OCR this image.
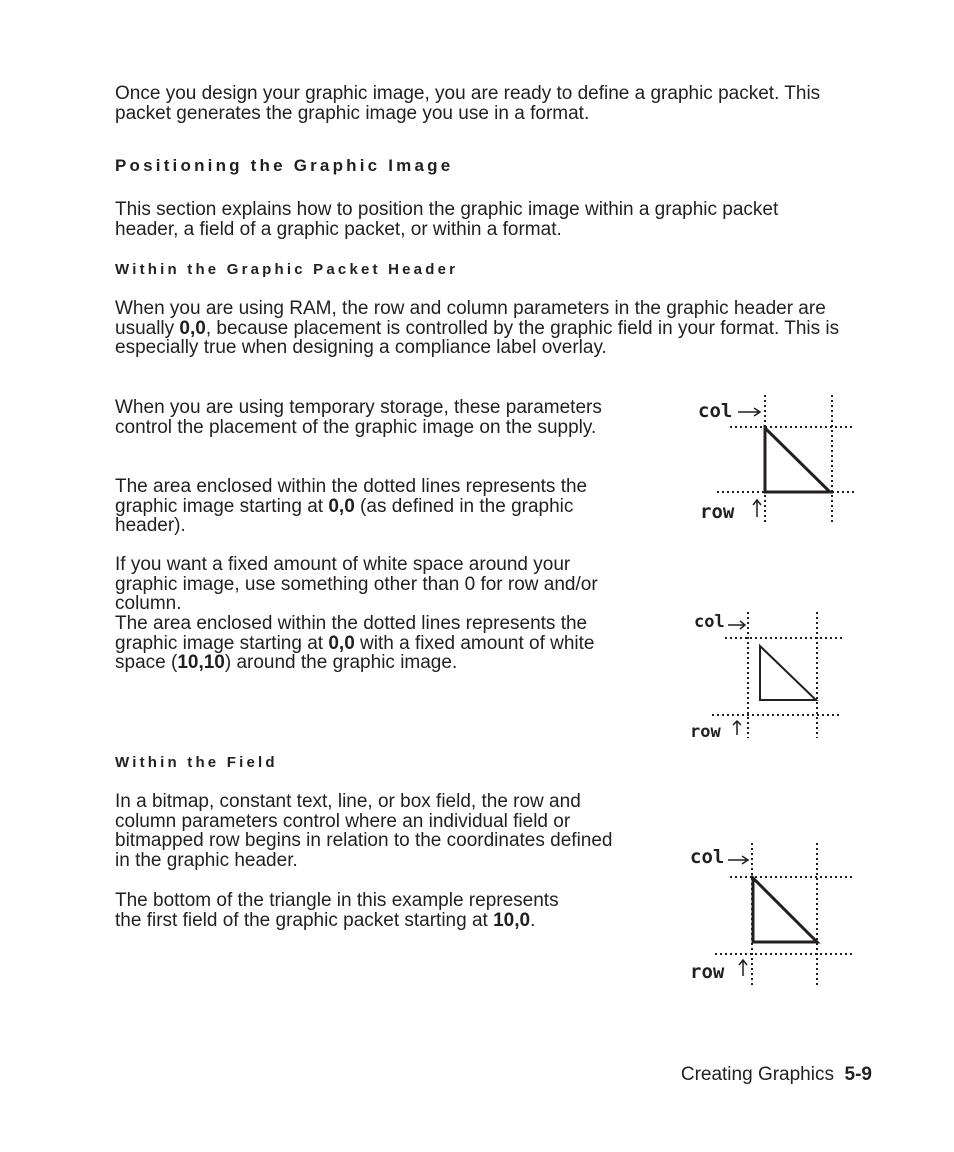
Once you design your graphic image, you are ready to define a graphic packet. This packet generates the graphic image you use in a format.

Positioning the Graphic Image

This section explains how to position the graphic image within a graphic packet header, a field of a graphic packet, or within a format.

Within the Graphic Packet Header

When you are using RAM, the row and column parameters in the graphic header are usually 0,0, because placement is controlled by the graphic field in your format. This is especially true when designing a compliance label overlay.

When you are using temporary storage, these parameters control the placement of the graphic image on the supply.

The area enclosed within the dotted lines represents the graphic image starting at 0,0 (as defined in the graphic header).

If you want a fixed amount of white space around your graphic image, use something other than 0 for row and/or column.

The area enclosed within the dotted lines represents the graphic image starting at 0,0 with a fixed amount of white space (10,10) around the graphic image.

Within the Field

In a bitmap, constant text, line, or box field, the row and column parameters control where an individual field or bitmapped row begins in relation to the coordinates defined in the graphic header.

The bottom of the triangle in this example represents the first field of the graphic packet starting at 10,0.

col
row
col
row
col
row
Creating Graphics 5-9
